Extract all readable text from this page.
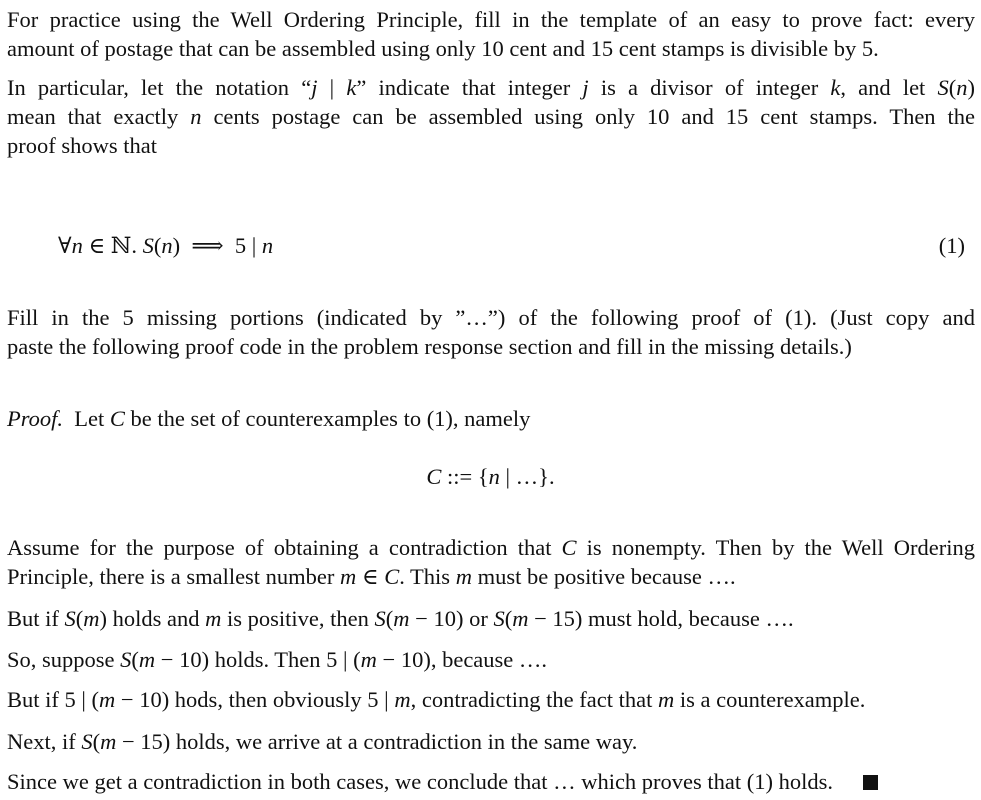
For practice using the Well Ordering Principle, fill in the template of an easy to prove fact: every
amount of postage that can be assembled using only 10 cent and 15 cent stamps is divisible by 5.
In particular, let the notation “j | k” indicate that integer j is a divisor of integer k, and let S(n)
mean that exactly n cents postage can be assembled using only 10 and 15 cent stamps. Then the
proof shows that
∀n ∈ ℕ. S(n)  ⟹  5 | n	(1)
Fill in the 5 missing portions (indicated by ”…”) of the following proof of (1). (Just copy and
paste the following proof code in the problem response section and fill in the missing details.)
Proof.  Let C be the set of counterexamples to (1), namely
C ::= {n | …}.
Assume for the purpose of obtaining a contradiction that C is nonempty. Then by the Well Ordering
Principle, there is a smallest number m ∈ C. This m must be positive because ….
But if S(m) holds and m is positive, then S(m − 10) or S(m − 15) must hold, because ….
So, suppose S(m − 10) holds. Then 5 | (m − 10), because ….
But if 5 | (m − 10) hods, then obviously 5 | m, contradicting the fact that m is a counterexample.
Next, if S(m − 15) holds, we arrive at a contradiction in the same way.
Since we get a contradiction in both cases, we conclude that … which proves that (1) holds.
